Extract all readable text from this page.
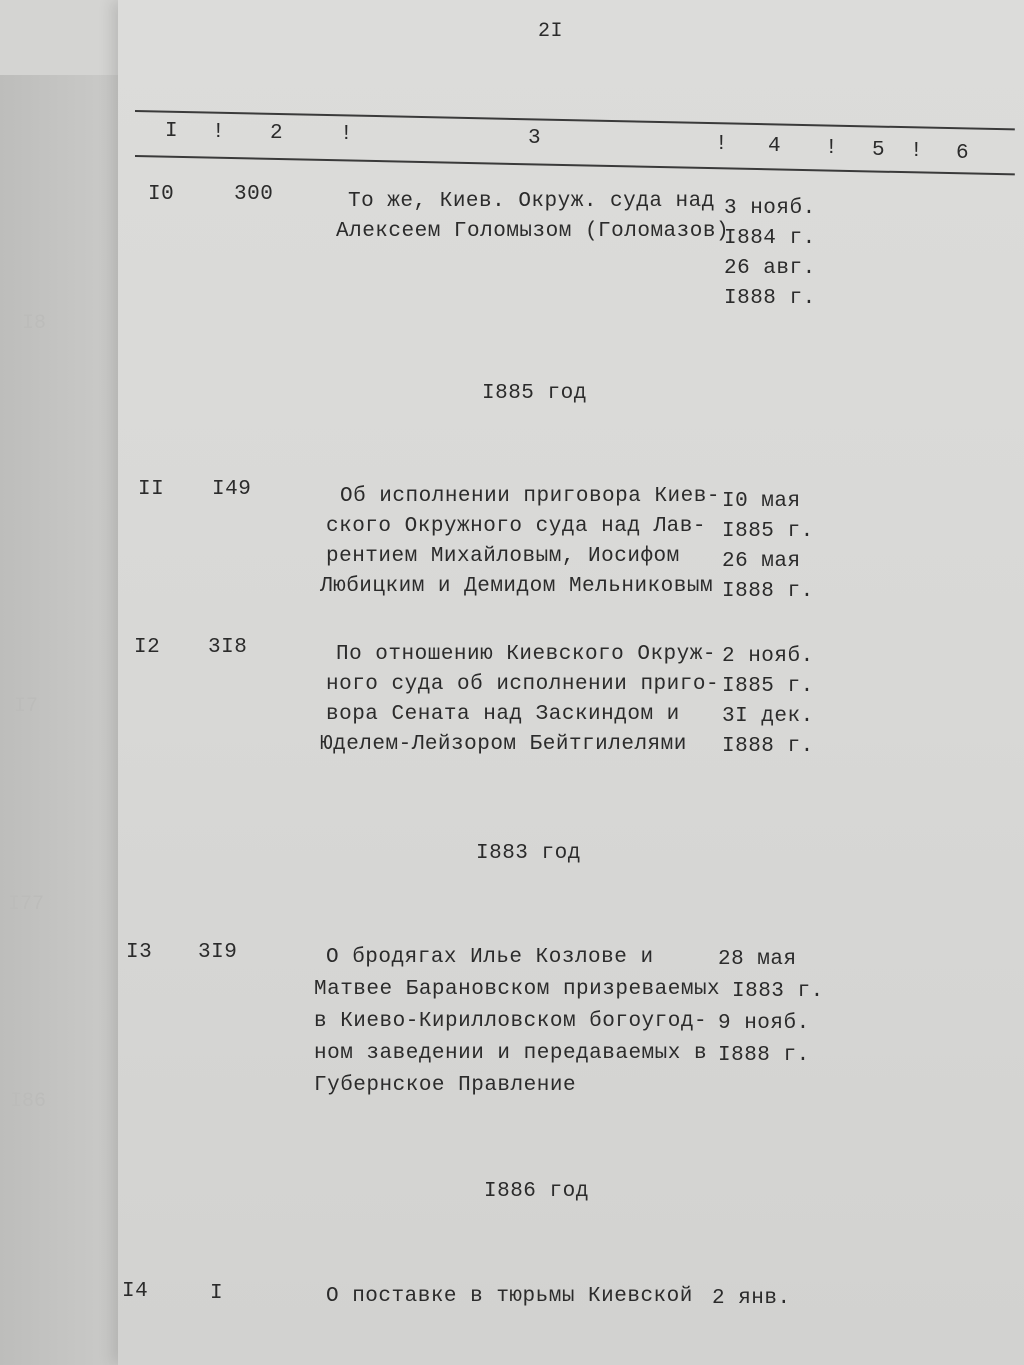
I8
I7
I77
I86
2I
I ! 2	!	3	! 4 ! 5 ! 6
I0	300	То же, Киев. Окруж. суда над
Алексеем Голомызом (Голомазов)
3 нояб.
I884 г.
26 авг.
I888 г.
I885 год
II I49	Об исполнении приговора Киев-
ского Окружного суда над Лав-
рентием Михайловым, Иосифом
Любицким и Демидом Мельниковым
I0 мая
I885 г.
26 мая
I888 г.
I2 3I8	По отношению Киевского Окруж-
ного суда об исполнении приго-
вора Сената над Заскиндом и
Юделем-Лейзором Бейтгилелями
2 нояб.
I885 г.
3I дек.
I888 г.
I883 год
I3 3I9	О бродягах Илье Козлове и
Матвее Барановском призреваемых
в Киево-Кирилловском богоугод-
ном заведении и передаваемых в
Губернское Правление
28 мая
I883 г.
9 нояб.
I888 г.
I886 год
I4	I	О поставке в тюрьмы Киевской 2 янв.
